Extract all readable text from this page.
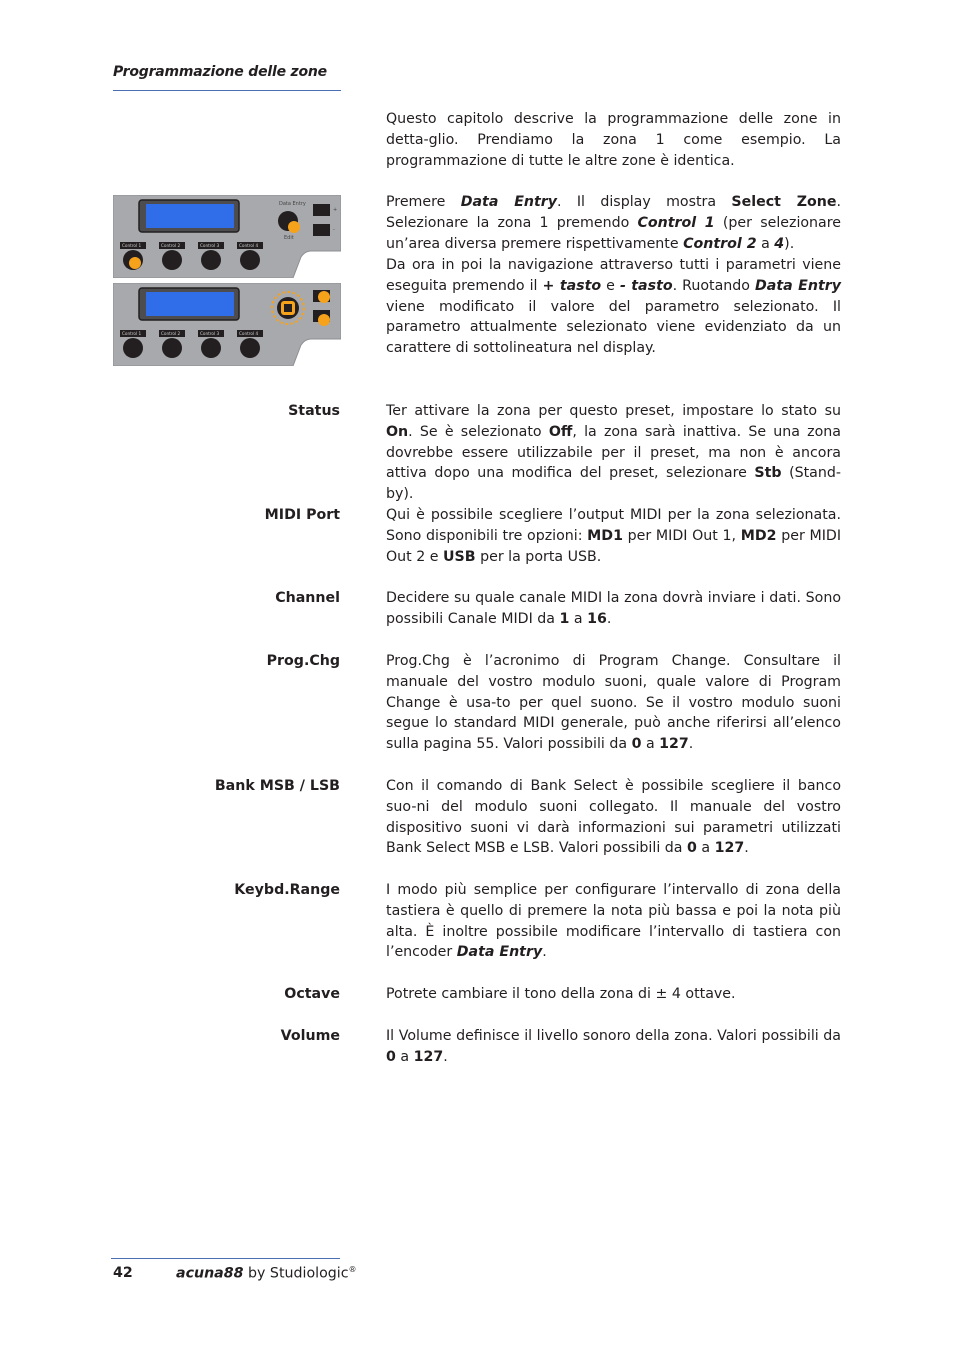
Programmazione delle zone

Questo capitolo descrive la programmazione delle zone in detta-glio. Prendiamo la zona 1 come esempio. La programmazione di tutte le altre zone è identica.

Premere Data Entry. Il display mostra Select Zone. Selezionare la zona 1 premendo Control 1 (per selezionare un’area diversa premere rispettivamente Control 2 a 4).

Da ora in poi la navigazione attraverso tutti i parametri viene eseguita premendo il + tasto e - tasto. Ruotando Data Entry viene modificato il valore del parametro selezionato. Il parametro attualmente selezionato viene evidenziato da un carattere di sottolineatura nel display.

Data Entry
Edit
+
-
Control 1	Control 2	Control 3	Control 4
Control 1	Control 2	Control 3	Control 4
Status	Ter attivare la zona per questo preset, impostare lo stato su On. Se è selezionato Off, la zona sarà inattiva. Se una zona dovrebbe essere utilizzabile per il preset, ma non è ancora attiva dopo una modifica del preset, selezionare Stb (Stand-by).

MIDI Port	Qui è possibile scegliere l’output MIDI per la zona selezionata. Sono disponibili tre opzioni: MD1 per MIDI Out 1, MD2 per MIDI Out 2 e USB per la porta USB.

Channel	Decidere su quale canale MIDI la zona dovrà inviare i dati. Sono possibili Canale MIDI da 1 a 16.

Prog.Chg	Prog.Chg è l’acronimo di Program Change. Consultare il manuale del vostro modulo suoni, quale valore di Program Change è usa-to per quel suono. Se il vostro modulo suoni segue lo standard MIDI generale, può anche riferirsi all’elenco sulla pagina 55. Valori possibili da 0 a 127.

Bank MSB / LSB	Con il comando di Bank Select è possibile scegliere il banco suo-ni del modulo suoni collegato. Il manuale del vostro dispositivo suoni vi darà informazioni sui parametri utilizzati Bank Select MSB e LSB. Valori possibili da 0 a 127.

Keybd.Range	I modo più semplice per configurare l’intervallo di zona della tastiera è quello di premere la nota più bassa e poi la nota più alta. È inoltre possibile modificare l’intervallo di tastiera con l’encoder Data Entry.

Octave	Potrete cambiare il tono della zona di ± 4 ottave.

Volume	Il Volume definisce il livello sonoro della zona. Valori possibili da 0 a 127.

42	acuna88 by Studiologic®
